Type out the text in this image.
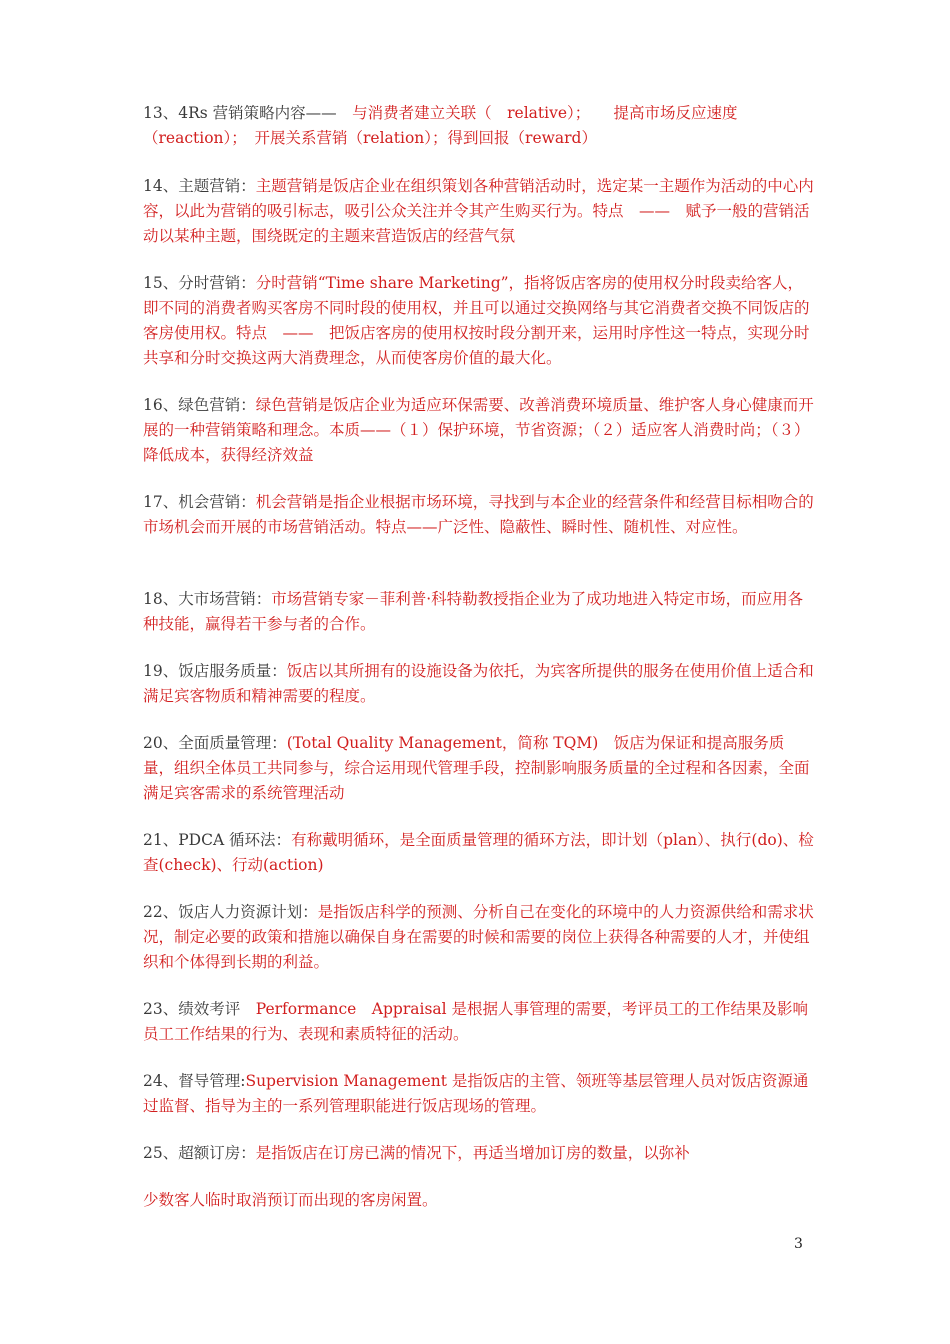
13、4Rs 营销策略内容——　与消费者建立关联（　relative）；　　提高市场反应速度（reaction）；　开展关系营销（relation）；得到回报（reward）

14、主题营销：主题营销是饭店企业在组织策划各种营销活动时，选定某一主题作为活动的中心内容，以此为营销的吸引标志，吸引公众关注并令其产生购买行为。特点　——　赋予一般的营销活动以某种主题，围绕既定的主题来营造饭店的经营气氛

15、分时营销：分时营销“Time share Marketing”，指将饭店客房的使用权分时段卖给客人，即不同的消费者购买客房不同时段的使用权，并且可以通过交换网络与其它消费者交换不同饭店的客房使用权。特点　——　把饭店客房的使用权按时段分割开来，运用时序性这一特点，实现分时共享和分时交换这两大消费理念，从而使客房价值的最大化。

16、绿色营销：绿色营销是饭店企业为适应环保需要、改善消费环境质量、维护客人身心健康而开展的一种营销策略和理念。本质——（１）保护环境，节省资源；（２）适应客人消费时尚；（３）降低成本，获得经济效益

17、机会营销：机会营销是指企业根据市场环境，寻找到与本企业的经营条件和经营目标相吻合的市场机会而开展的市场营销活动。特点——广泛性、隐蔽性、瞬时性、随机性、对应性。

18、大市场营销：市场营销专家－菲利普·科特勒教授指企业为了成功地进入特定市场，而应用各种技能，赢得若干参与者的合作。

19、饭店服务质量：饭店以其所拥有的设施设备为依托，为宾客所提供的服务在使用价值上适合和满足宾客物质和精神需要的程度。

20、全面质量管理：(Total Quality Management，简称 TQM)　饭店为保证和提高服务质量，组织全体员工共同参与，综合运用现代管理手段，控制影响服务质量的全过程和各因素，全面满足宾客需求的系统管理活动

21、PDCA 循环法：有称戴明循环，是全面质量管理的循环方法，即计划（plan）、执行(do)、检查(check)、行动(action)

22、饭店人力资源计划：是指饭店科学的预测、分析自己在变化的环境中的人力资源供给和需求状况，制定必要的政策和措施以确保自身在需要的时候和需要的岗位上获得各种需要的人才，并使组织和个体得到长期的利益。

23、绩效考评　Performance　Appraisal 是根据人事管理的需要，考评员工的工作结果及影响员工工作结果的行为、表现和素质特征的活动。

24、督导管理:Supervision Management 是指饭店的主管、领班等基层管理人员对饭店资源通过监督、指导为主的一系列管理职能进行饭店现场的管理。

25、超额订房：是指饭店在订房已满的情况下，再适当增加订房的数量，以弥补

少数客人临时取消预订而出现的客房闲置。

3
